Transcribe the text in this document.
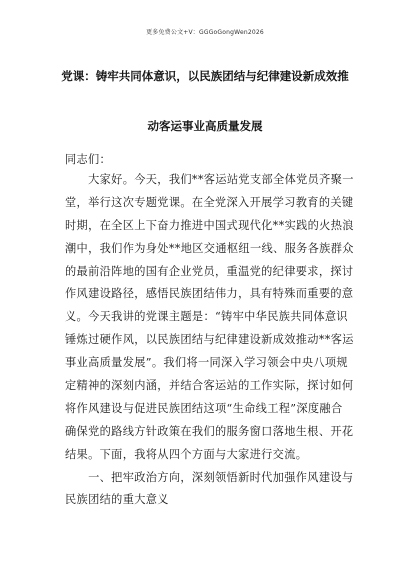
更多免费公文+V：GGGoGongWen2026
党课：铸牢共同体意识，以民族团结与纪律建设新成效推
动客运事业高质量发展
同志们：
　　大家好。今天，我们**客运站党支部全体党员齐聚一
堂，举行这次专题党课。在全党深入开展学习教育的关键
时期，在全区上下奋力推进中国式现代化**实践的火热浪
潮中，我们作为身处**地区交通枢纽一线、服务各族群众
的最前沿阵地的国有企业党员，重温党的纪律要求，探讨
作风建设路径，感悟民族团结伟力，具有特殊而重要的意
义。今天我讲的党课主题是：“铸牢中华民族共同体意识
锤炼过硬作风，以民族团结与纪律建设新成效推动**客运
事业高质量发展”。我们将一同深入学习领会中央八项规
定精神的深刻内涵，并结合客运站的工作实际，探讨如何
将作风建设与促进民族团结这项“生命线工程”深度融合
确保党的路线方针政策在我们的服务窗口落地生根、开花
结果。下面，我将从四个方面与大家进行交流。
　　一、把牢政治方向，深刻领悟新时代加强作风建设与
民族团结的重大意义
